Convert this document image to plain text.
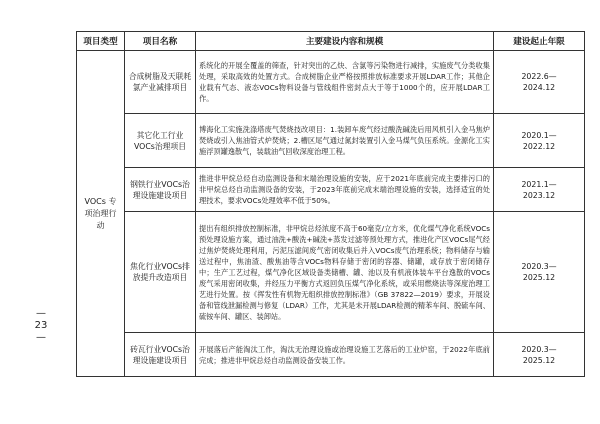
—
23
—
项目类型	项目名称	主要建设内容和规模	建设起止年限
VOCs 专项治理行动	合成树脂及天联耗氯产业减排项目	系统化的开展全覆盖的筛查，针对突出的乙炔、含氯等污染物进行减排，实施废气分类收集处理，采取高效的处置方式。合成树脂企业严格按照排放标准要求开展LDAR工作；其他企业载有气态、液态VOCs物料设备与管线组件密封点大于等于1000个的，应开展LDAR工作。	2022.6—
2024.12

	其它化工行业VOCs治理项目	博海化工实施洗涤塔废气焚烧技改项目：1.装卸车废气经过酸洗碱洗后用风机引入金马焦炉焚烧或引入焦油管式炉焚烧；2.槽区尾气通过氮封装置引入金马煤气负压系统。金源化工实施浮顶罐逸散气，装载油气回收深度治理工程。	2020.1—
2022.12

	钢铁行业VOCs治理设施建设项目	推进非甲烷总烃自动监测设备和末端治理设施的安装，应于2021年底前完成主要排污口的非甲烷总烃自动监测设备的安装，于2023年底前完成末端治理设施的安装，选择适宜的处理技术，要求VOCs处理效率不低于50%。	2021.1—
2023.12

	焦化行业VOCs排放提升改造项目	提出有组织排放控制标准，非甲烷总烃浓度不高于60毫克/立方米，优化煤气净化系统VOCs预处理设施方案，通过油洗+酸洗+碱洗+蒸发过滤等预处理方式，推进化产区VOCs尾气经过焦炉焚烧处理利用，污泥压滤间废气密闭收集后并入VOCs废气治理系统；物料储存与输送过程中，焦油渣、酸焦油等含VOCs物料存储于密闭的容器、储罐，或存放于密闭储存中；生产工艺过程，煤气净化区域设备类储槽、罐、池以及有机液体装车平台逸散的VOCs废气采用密闭收集，并经压力平衡方式返回负压煤气净化系统，或采用燃烧法等深度治理工艺进行处置。按《挥发性有机物无组织排放控制标准》（GB 37822—2019）要求，开展设备和管线泄漏检测与修复（LDAR）工作，尤其是未开展LDAR检测的精苯车间、脱硫车间、硫铵车间、罐区、装卸站。	2020.3—
2025.12

	砖瓦行业VOCs治理设施建设项目	开展落后产能淘汰工作，淘汰无治理设施或治理设施工艺落后的工业炉窑，于2022年底前完成；推进非甲烷总烃自动监测设备安装工作。	2020.3—
2025.12
